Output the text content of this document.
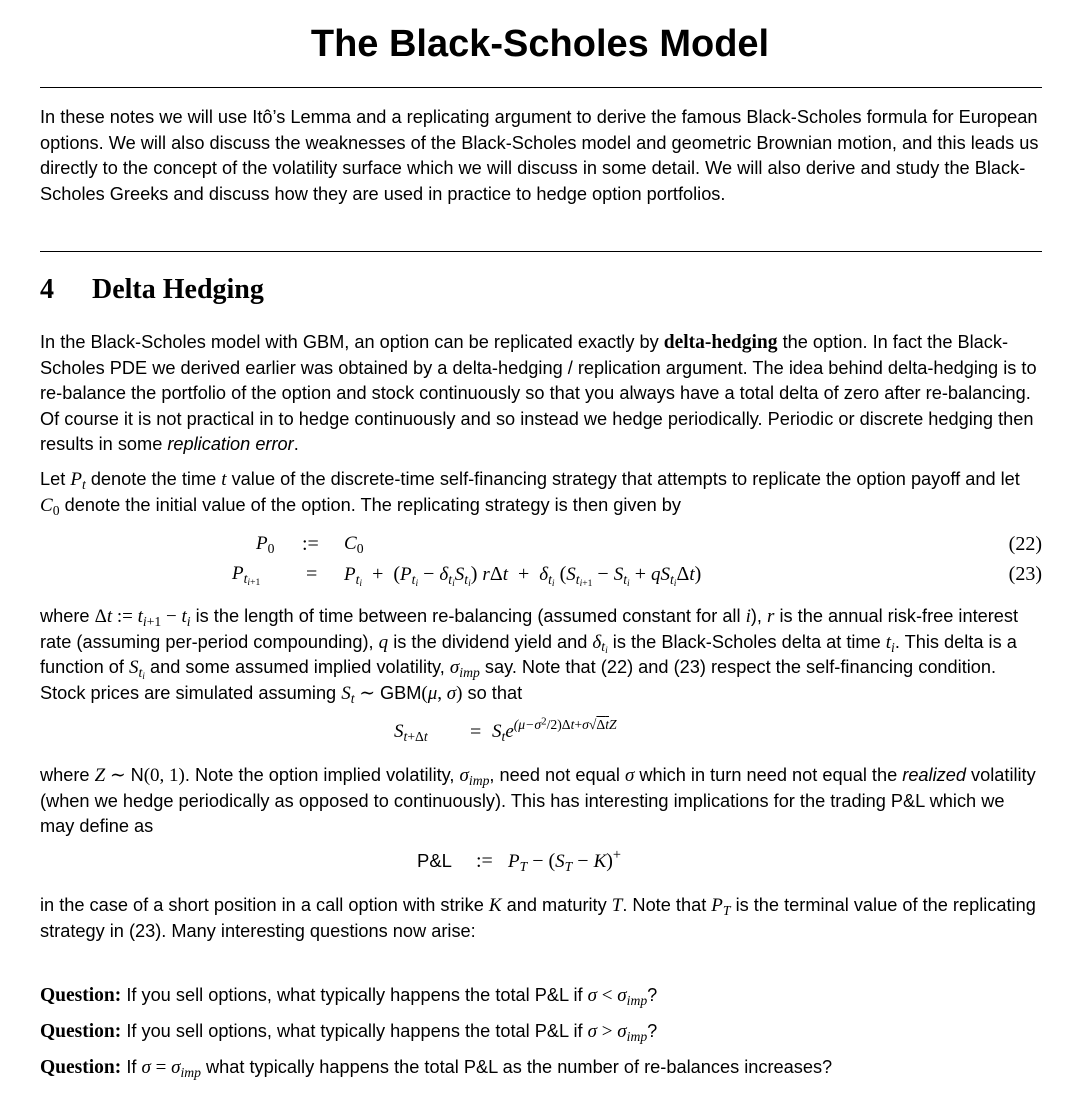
The Black-Scholes Model

In these notes we will use Itô’s Lemma and a replicating argument to derive the famous Black-Scholes formula for European options. We will also discuss the weaknesses of the Black-Scholes model and geometric Brownian motion, and this leads us directly to the concept of the volatility surface which we will discuss in some detail. We will also derive and study the Black-Scholes Greeks and discuss how they are used in practice to hedge option portfolios.

4 Delta Hedging

In the Black-Scholes model with GBM, an option can be replicated exactly by delta-hedging the option. In fact the Black-Scholes PDE we derived earlier was obtained by a delta-hedging / replication argument. The idea behind delta-hedging is to re-balance the portfolio of the option and stock continuously so that you always have a total delta of zero after re-balancing. Of course it is not practical in to hedge continuously and so instead we hedge periodically. Periodic or discrete hedging then results in some replication error.

Let $P_t$ denote the time t value of the discrete-time self-financing strategy that attempts to replicate the option payoff and let $C_0$ denote the initial value of the option. The replicating strategy is then given by

$P_0$ := $C_0$	(22)
$P_{ti+1} = P_{ti} + (P_{ti} - \delta_{ti}S_{ti}) r\Delta t + \delta_{ti}$ $(S_{ti+1} - S_{ti} + qS_{ti}\Delta t)$	(23)

where Δt := $t_{i+1} - t_i$ is the length of time between re-balancing (assumed constant for all i), r is the annual risk-free interest rate (assuming per-period compounding), q is the dividend yield and $\delta_{ti}$ is the Black-Scholes delta at time $t_i$. This delta is a function of $S_{ti}$ and some assumed implied volatility, $\sigma_{imp}$ say. Note that (22) and (23) respect the self-financing condition. Stock prices are simulated assuming $S_t$ ∼ GBM(μ, σ) so that

$S_{t+\Delta t} = S_te^{(\mu-\sigma^2/2)\Delta t+\sigma√\Delta tZ}$

where Z ∼ N(0, 1). Note the option implied volatility, $\sigma_{imp}$, need not equal σ which in turn need not equal the realized volatility (when we hedge periodically as opposed to continuously). This has interesting implications for the trading P&L which we may define as

P&L := $P_T - (S_T - K)^+$

in the case of a short position in a call option with strike K and maturity T. Note that $P_T$ is the terminal value of the replicating strategy in (23). Many interesting questions now arise:

Question: If you sell options, what typically happens the total P&L if $\sigma < \sigma_{imp}$?

Question: If you sell options, what typically happens the total P&L if $\sigma > \sigma_{imp}$?

Question: If $\sigma = \sigma_{imp}$ what typically happens the total P&L as the number of re-balances increases?
